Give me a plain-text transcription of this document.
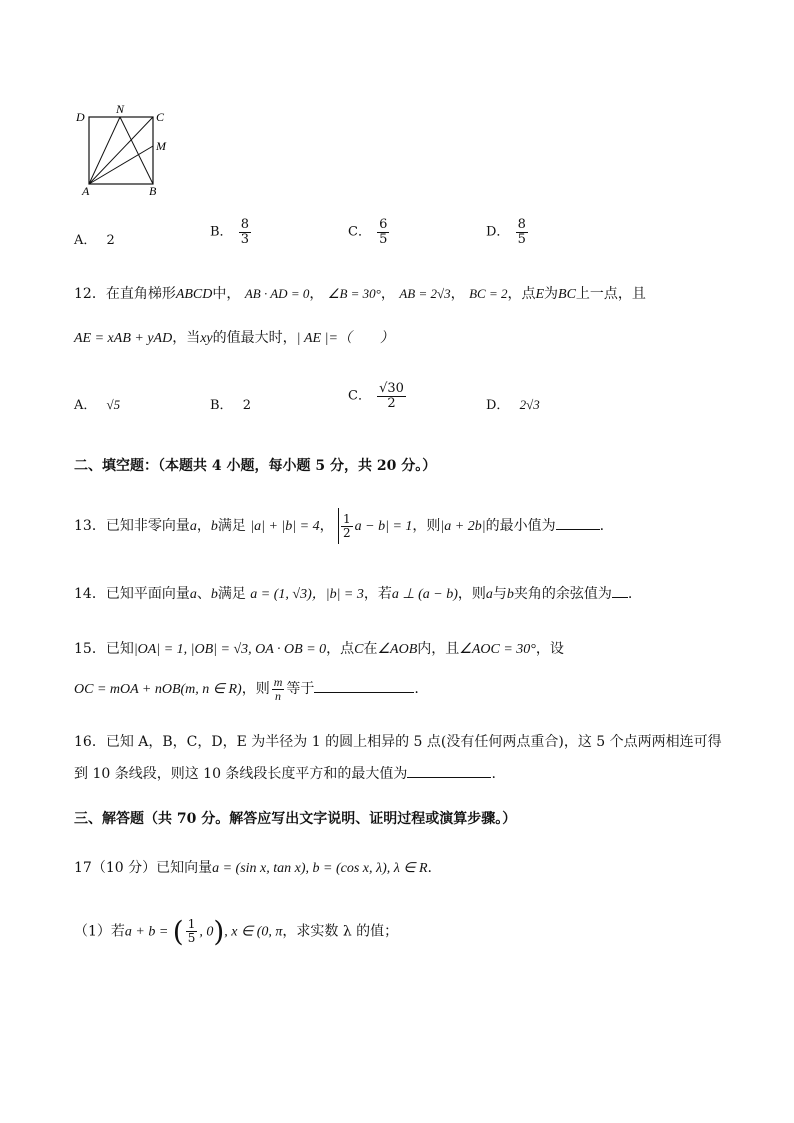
D
N
C
M
A	B
A． 2
B． $\frac{8}{3}$	C． $\frac{6}{5}$	D． $\frac{8}{5}$
12．在直角梯形ABCD中， AB · AD = 0， ∠B = 30°， AB = 2√3， BC = 2，点E为BC上一点，且
AE = xAB + yAD，当xy的值最大时，| AE |=（　　）
A． √5	B． 2
C． $\frac{√30}{2}$	D． 2√3
二、填空题：（本题共 4 小题，每小题 5 分，共 20 分。）
13．已知非零向量a，b满足 |a| + |b| = 4， $\frac{1}{2}$ a − b| = 1，则|a + 2b|的最小值为	.
14．已知平面向量a、b满足 a = (1, √3)，|b| = 3，若a ⊥ (a − b)，则a与b夹角的余弦值为 .
15．已知|OA| = 1, |OB| = √3, OA · OB = 0，点C在∠AOB内，且∠AOC = 30°，设
OC = mOA + nOB(m, n ∈ R)，则 $\frac{m}{n}$ 等于	.
16．已知 A，B，C，D，E 为半径为 1 的圆上相异的 5 点(没有任何两点重合)，这 5 个点两两相连可得
到 10 条线段，则这 10 条线段长度平方和的最大值为	.
三、解答题（共 70 分。解答应写出文字说明、证明过程或演算步骤。）
17（10 分）已知向量a = (sin x, tan x), b = (cos x, λ), λ ∈ R.
（1）若a + b = ( $\frac{1}{5}$ , 0), x ∈ (0, π，求实数 λ 的值；
